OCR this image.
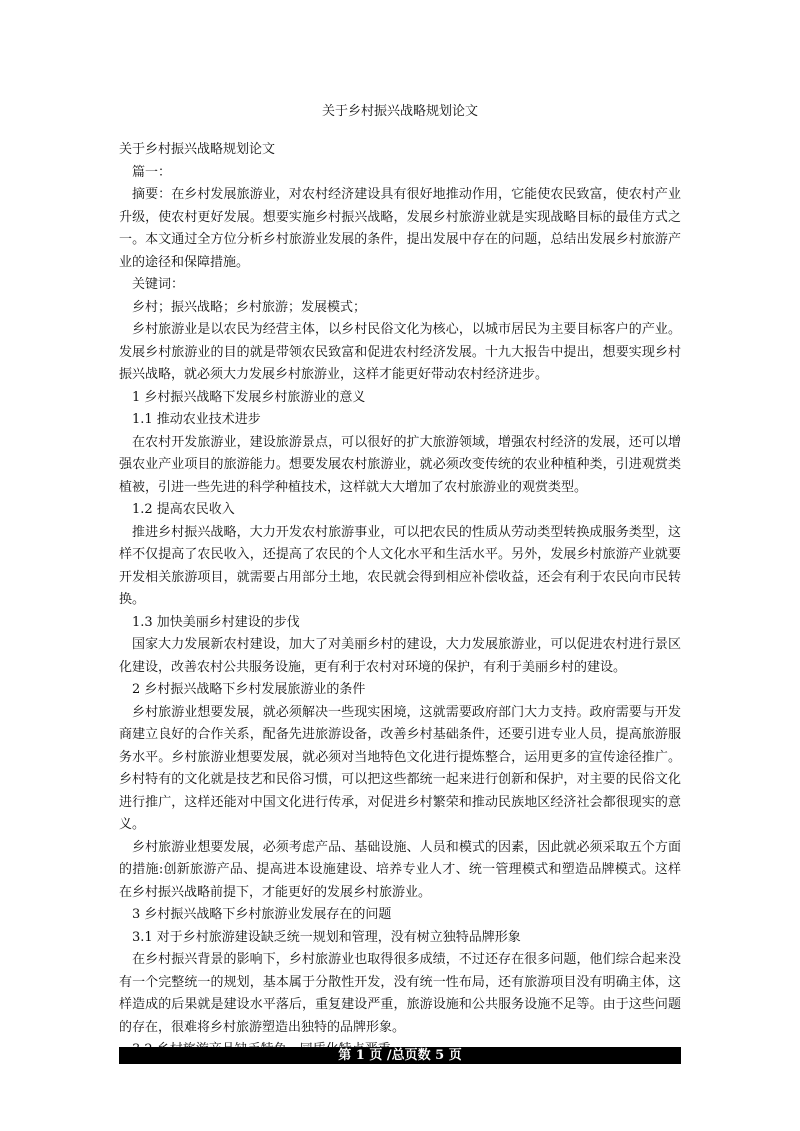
关于乡村振兴战略规划论文

关于乡村振兴战略规划论文

篇一：

摘要：在乡村发展旅游业，对农村经济建设具有很好地推动作用，它能使农民致富，使农村产业升级，使农村更好发展。想要实施乡村振兴战略，发展乡村旅游业就是实现战略目标的最佳方式之一。本文通过全方位分析乡村旅游业发展的条件，提出发展中存在的问题，总结出发展乡村旅游产业的途径和保障措施。

关键词：

乡村；振兴战略；乡村旅游；发展模式；

乡村旅游业是以农民为经营主体，以乡村民俗文化为核心，以城市居民为主要目标客户的产业。发展乡村旅游业的目的就是带领农民致富和促进农村经济发展。十九大报告中提出，想要实现乡村振兴战略，就必须大力发展乡村旅游业，这样才能更好带动农村经济进步。

1 乡村振兴战略下发展乡村旅游业的意义

1.1 推动农业技术进步

在农村开发旅游业，建设旅游景点，可以很好的扩大旅游领域，增强农村经济的发展，还可以增强农业产业项目的旅游能力。想要发展农村旅游业，就必须改变传统的农业种植种类，引进观赏类植被，引进一些先进的科学种植技术，这样就大大增加了农村旅游业的观赏类型。

1.2 提高农民收入

推进乡村振兴战略，大力开发农村旅游事业，可以把农民的性质从劳动类型转换成服务类型，这样不仅提高了农民收入，还提高了农民的个人文化水平和生活水平。另外，发展乡村旅游产业就要开发相关旅游项目，就需要占用部分土地，农民就会得到相应补偿收益，还会有利于农民向市民转换。

1.3 加快美丽乡村建设的步伐

国家大力发展新农村建设，加大了对美丽乡村的建设，大力发展旅游业，可以促进农村进行景区化建设，改善农村公共服务设施，更有利于农村对环境的保护，有利于美丽乡村的建设。

2 乡村振兴战略下乡村发展旅游业的条件

乡村旅游业想要发展，就必须解决一些现实困境，这就需要政府部门大力支持。政府需要与开发商建立良好的合作关系，配备先进旅游设备，改善乡村基础条件，还要引进专业人员，提高旅游服务水平。乡村旅游业想要发展，就必须对当地特色文化进行提炼整合，运用更多的宣传途径推广。乡村特有的文化就是技艺和民俗习惯，可以把这些都统一起来进行创新和保护，对主要的民俗文化进行推广，这样还能对中国文化进行传承，对促进乡村繁荣和推动民族地区经济社会都很现实的意义。

乡村旅游业想要发展，必须考虑产品、基础设施、人员和模式的因素，因此就必须采取五个方面的措施:创新旅游产品、提高进本设施建设、培养专业人才、统一管理模式和塑造品牌模式。这样在乡村振兴战略前提下，才能更好的发展乡村旅游业。

3 乡村振兴战略下乡村旅游业发展存在的问题

3.1 对于乡村旅游建设缺乏统一规划和管理，没有树立独特品牌形象

在乡村振兴背景的影响下，乡村旅游业也取得很多成绩，不过还存在很多问题，他们综合起来没有一个完整统一的规划，基本属于分散性开发，没有统一性布局，还有旅游项目没有明确主体，这样造成的后果就是建设水平落后，重复建设严重，旅游设施和公共服务设施不足等。由于这些问题的存在，很难将乡村旅游塑造出独特的品牌形象。

第 1 页 /总页数 5 页
